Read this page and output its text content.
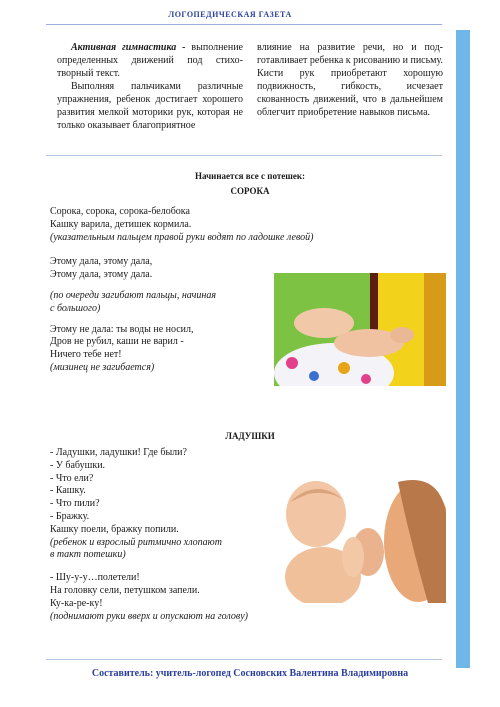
ЛОГОПЕДИЧЕСКАЯ ГАЗЕТА

Активная гимнастика - выполнение определенных движений под стихотворный текст.

Выполняя пальчиками различные упражнения, ребенок достигает хорошего развития мелкой моторики рук, которая не только оказывает благоприятное

влияние на развитие речи, но и подготавливает ребенка к рисованию и письму. Кисти рук приобретают хорошую подвижность, гибкость, исчезает скованность движений, что в дальнейшем облегчит приобретение навыков письма.

Начинается все с потешек:
СОРОКА
Сорока, сорока, сорока-белобока
Кашку варила, детишек кормила.
(указательным пальцем правой руки водят по ладошке левой)
Этому дала, этому дала,
Этому дала, этому дала.
(по очереди загибают пальцы, начиная
с большого)
Этому не дала: ты воды не носил,
Дров не рубил, каши не варил -
Ничего тебе нет!
(мизинец не загибается)
ЛАДУШКИ
- Ладушки, ладушки! Где были?
- У бабушки.
- Что ели?
- Кашку.
- Что пили?
- Бражку.
Кашку поели, бражку попили.
(ребенок и взрослый ритмично хлопают
в такт потешки)
- Шу-у-у…полетели!
На головку сели, петушком запели.
Ку-ка-ре-ку!
(поднимают руки вверх и опускают на голову)
Составитель: учитель-логопед Сосновских Валентина Владимировна
